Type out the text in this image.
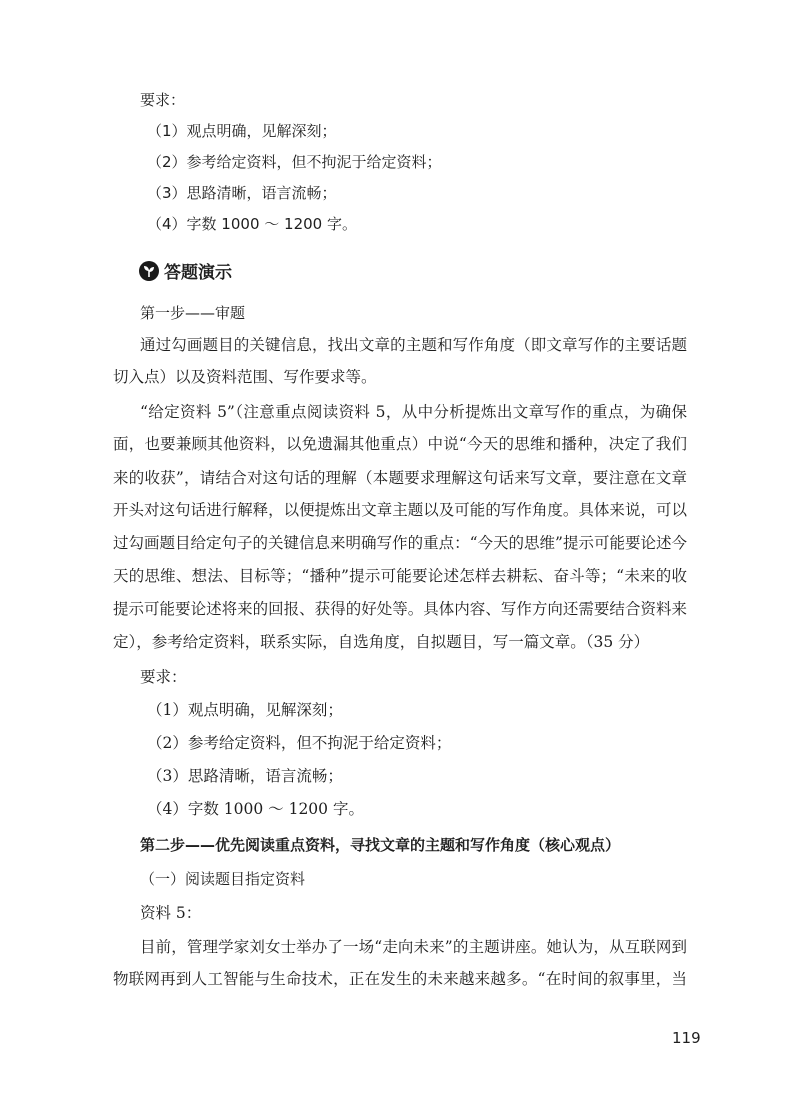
要求：
（1）观点明确，见解深刻；
（2）参考给定资料，但不拘泥于给定资料；
（3）思路清晰，语言流畅；
（4）字数 1000 ～ 1200 字。
答题演示
第一步——审题
通过勾画题目的关键信息，找出文章的主题和写作角度（即文章写作的主要话题
切入点）以及资料范围、写作要求等。
“给定资料 5”（注意重点阅读资料 5，从中分析提炼出文章写作的重点，为确保
面，也要兼顾其他资料，以免遗漏其他重点）中说“今天的思维和播种，决定了我们
来的收获”，请结合对这句话的理解（本题要求理解这句话来写文章，要注意在文章
开头对这句话进行解释，以便提炼出文章主题以及可能的写作角度。具体来说，可以
过勾画题目给定句子的关键信息来明确写作的重点：“今天的思维”提示可能要论述今
天的思维、想法、目标等；“播种”提示可能要论述怎样去耕耘、奋斗等；“未来的收
提示可能要论述将来的回报、获得的好处等。具体内容、写作方向还需要结合资料来
定），参考给定资料，联系实际，自选角度，自拟题目，写一篇文章。（35 分）
要求：
（1）观点明确，见解深刻；
（2）参考给定资料，但不拘泥于给定资料；
（3）思路清晰，语言流畅；
（4）字数 1000 ～ 1200 字。
第二步——优先阅读重点资料，寻找文章的主题和写作角度（核心观点）
（一）阅读题目指定资料
资料 5：
目前，管理学家刘女士举办了一场“走向未来”的主题讲座。她认为，从互联网到
物联网再到人工智能与生命技术，正在发生的未来越来越多。“在时间的叙事里，当
119
